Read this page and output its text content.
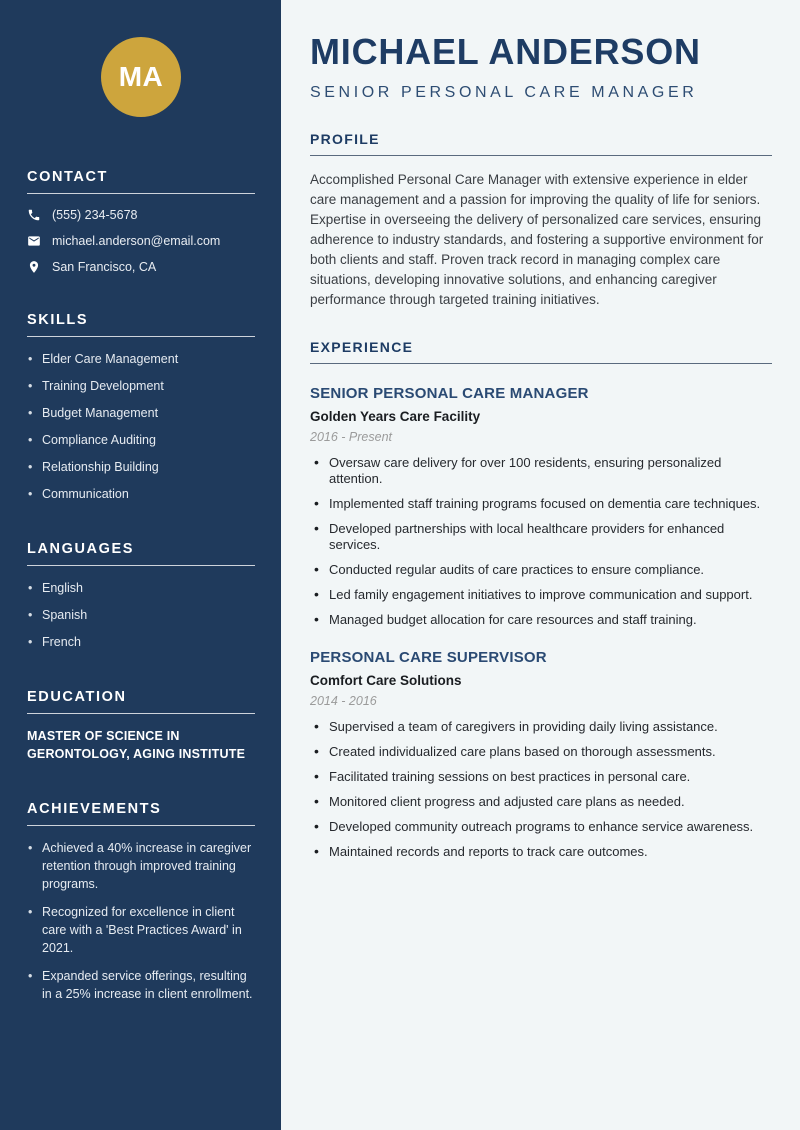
MA
CONTACT
(555) 234-5678
michael.anderson@email.com
San Francisco, CA
SKILLS
• Elder Care Management
• Training Development
• Budget Management
• Compliance Auditing
• Relationship Building
• Communication
LANGUAGES
• English
• Spanish
• French
EDUCATION
MASTER OF SCIENCE IN GERONTOLOGY, AGING INSTITUTE
ACHIEVEMENTS
• Achieved a 40% increase in caregiver retention through improved training programs.
• Recognized for excellence in client care with a 'Best Practices Award' in 2021.
• Expanded service offerings, resulting in a 25% increase in client enrollment.
MICHAEL ANDERSON
SENIOR PERSONAL CARE MANAGER
PROFILE

Accomplished Personal Care Manager with extensive experience in elder care management and a passion for improving the quality of life for seniors. Expertise in overseeing the delivery of personalized care services, ensuring adherence to industry standards, and fostering a supportive environment for both clients and staff. Proven track record in managing complex care situations, developing innovative solutions, and enhancing caregiver performance through targeted training initiatives.

EXPERIENCE
SENIOR PERSONAL CARE MANAGER
Golden Years Care Facility
2016 - Present
• Oversaw care delivery for over 100 residents, ensuring personalized attention.
• Implemented staff training programs focused on dementia care techniques.
• Developed partnerships with local healthcare providers for enhanced services.
• Conducted regular audits of care practices to ensure compliance.
• Led family engagement initiatives to improve communication and support.
• Managed budget allocation for care resources and staff training.
PERSONAL CARE SUPERVISOR
Comfort Care Solutions
2014 - 2016
• Supervised a team of caregivers in providing daily living assistance.
• Created individualized care plans based on thorough assessments.
• Facilitated training sessions on best practices in personal care.
• Monitored client progress and adjusted care plans as needed.
• Developed community outreach programs to enhance service awareness.
• Maintained records and reports to track care outcomes.
